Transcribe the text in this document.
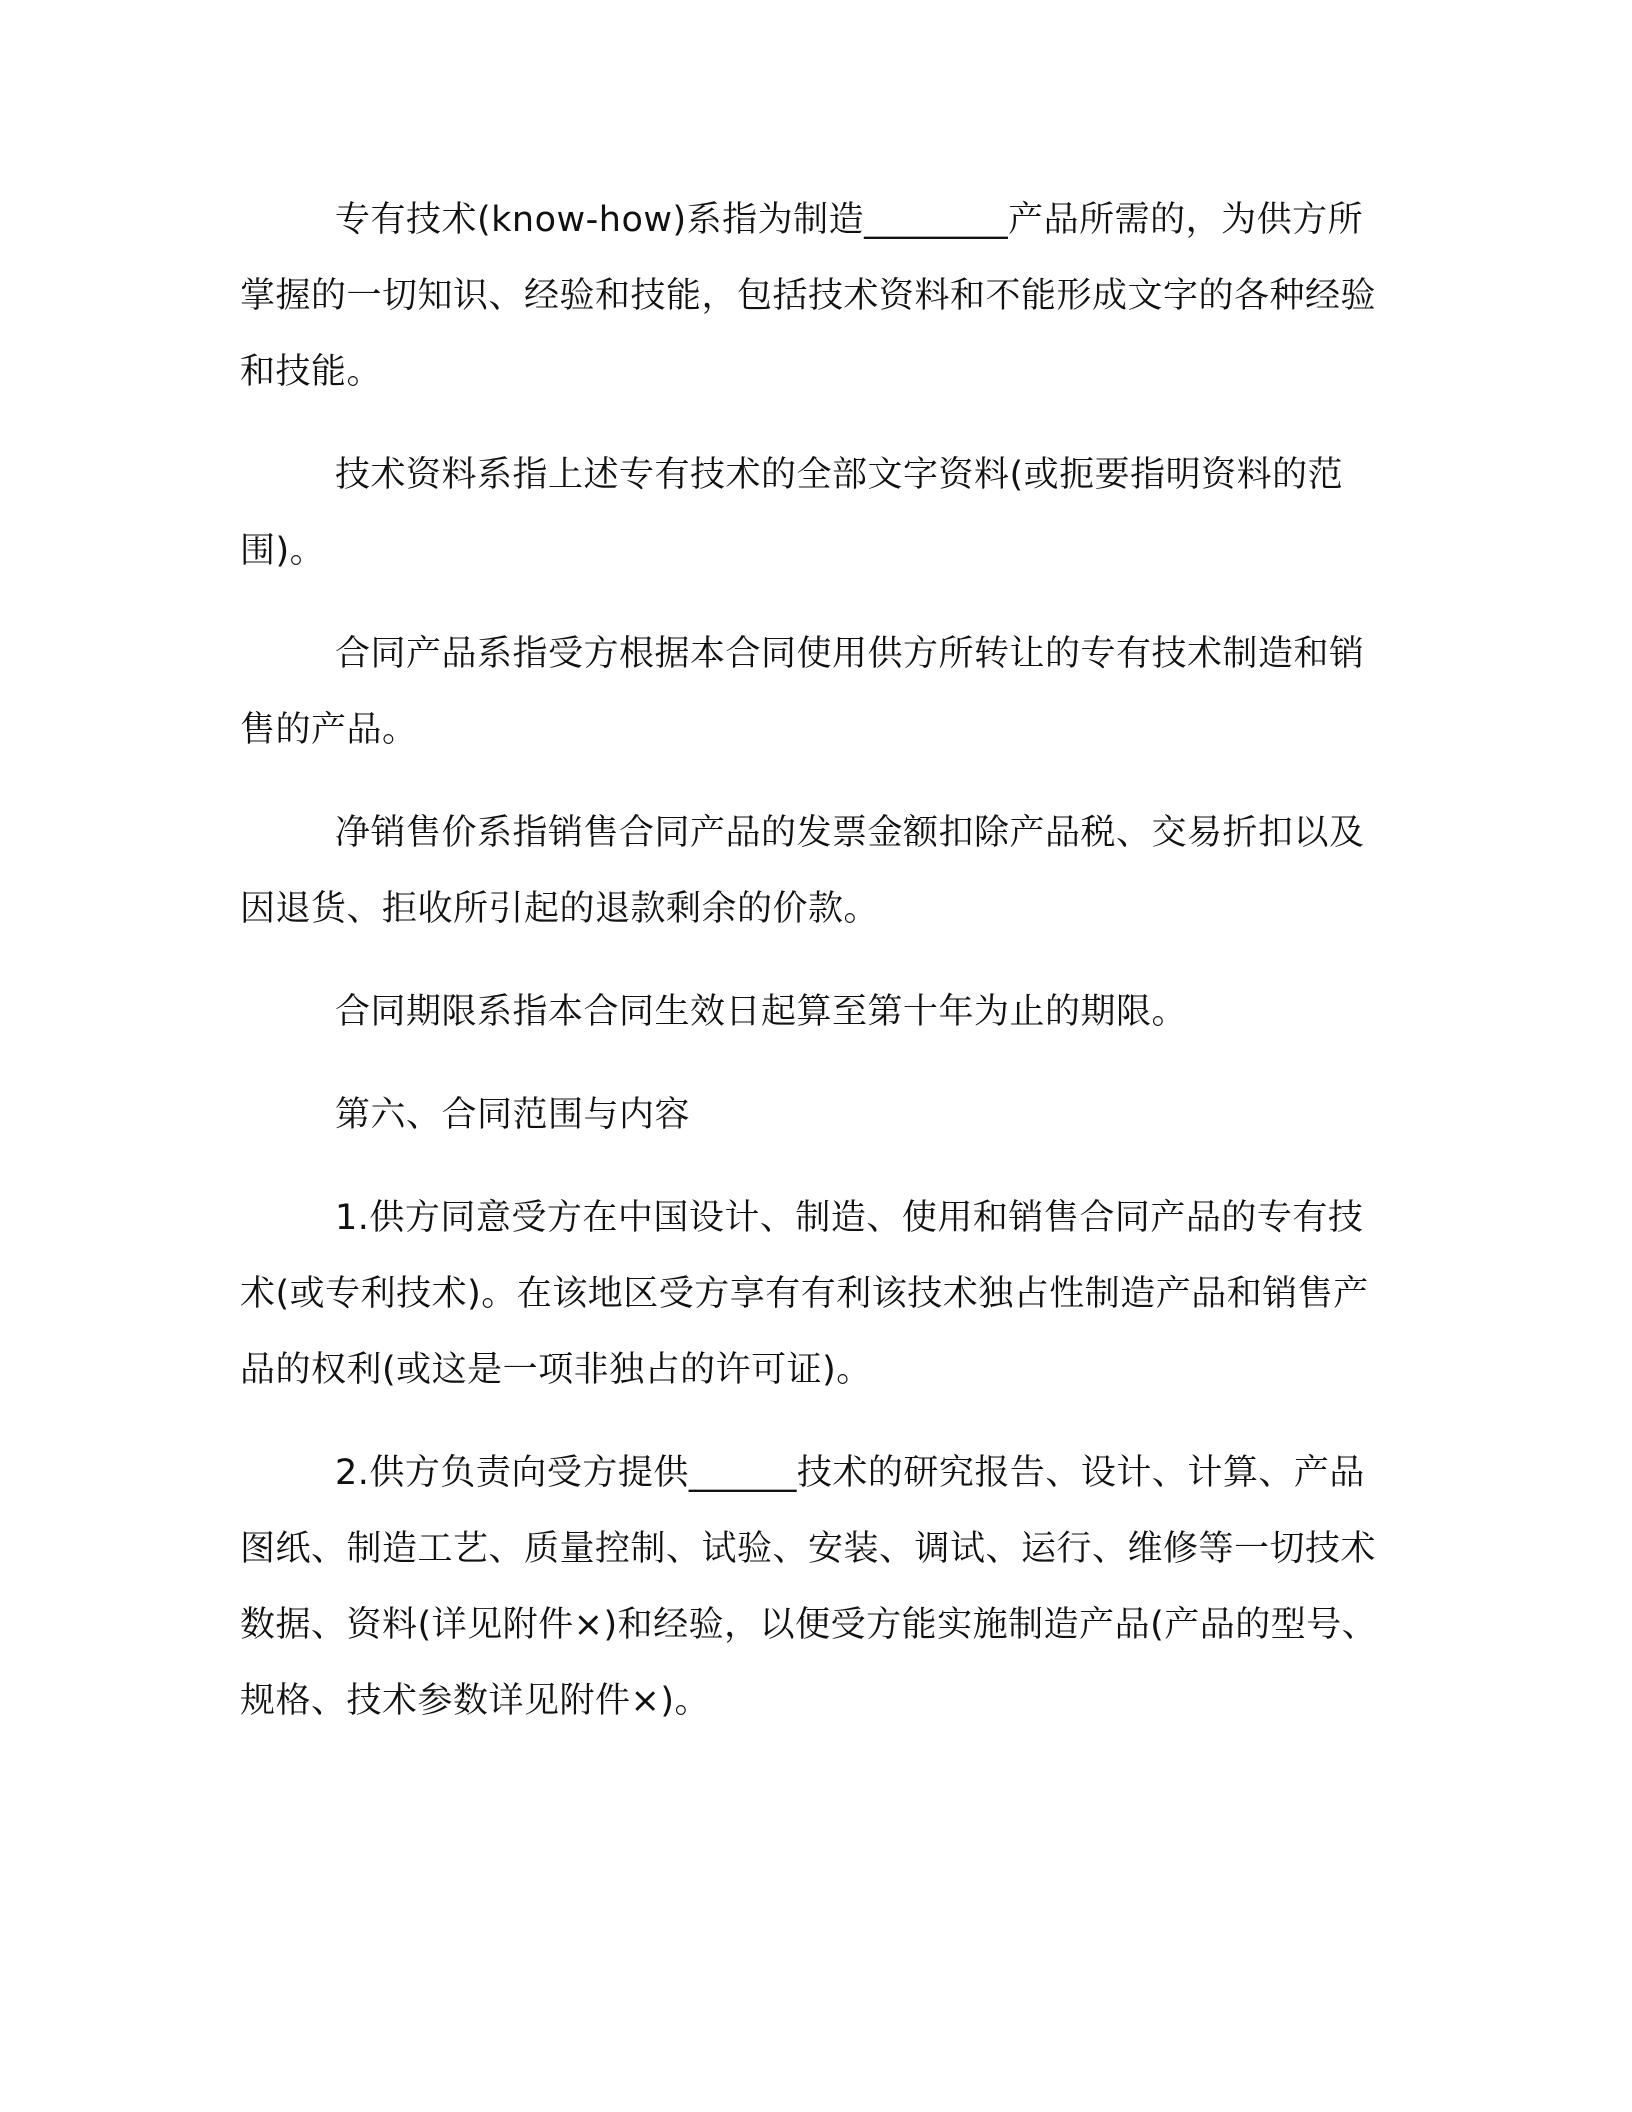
专有技术(know-how)系指为制造________产品所需的，为供方所掌握的一切知识、经验和技能，包括技术资料和不能形成文字的各种经验和技能。

技术资料系指上述专有技术的全部文字资料(或扼要指明资料的范围)。

合同产品系指受方根据本合同使用供方所转让的专有技术制造和销售的产品。

净销售价系指销售合同产品的发票金额扣除产品税、交易折扣以及因退货、拒收所引起的退款剩余的价款。

合同期限系指本合同生效日起算至第十年为止的期限。

第六、合同范围与内容

1.供方同意受方在中国设计、制造、使用和销售合同产品的专有技术(或专利技术)。在该地区受方享有有利该技术独占性制造产品和销售产品的权利(或这是一项非独占的许可证)。

2.供方负责向受方提供______技术的研究报告、设计、计算、产品图纸、制造工艺、质量控制、试验、安装、调试、运行、维修等一切技术数据、资料(详见附件×)和经验，以便受方能实施制造产品(产品的型号、规格、技术参数详见附件×)。
